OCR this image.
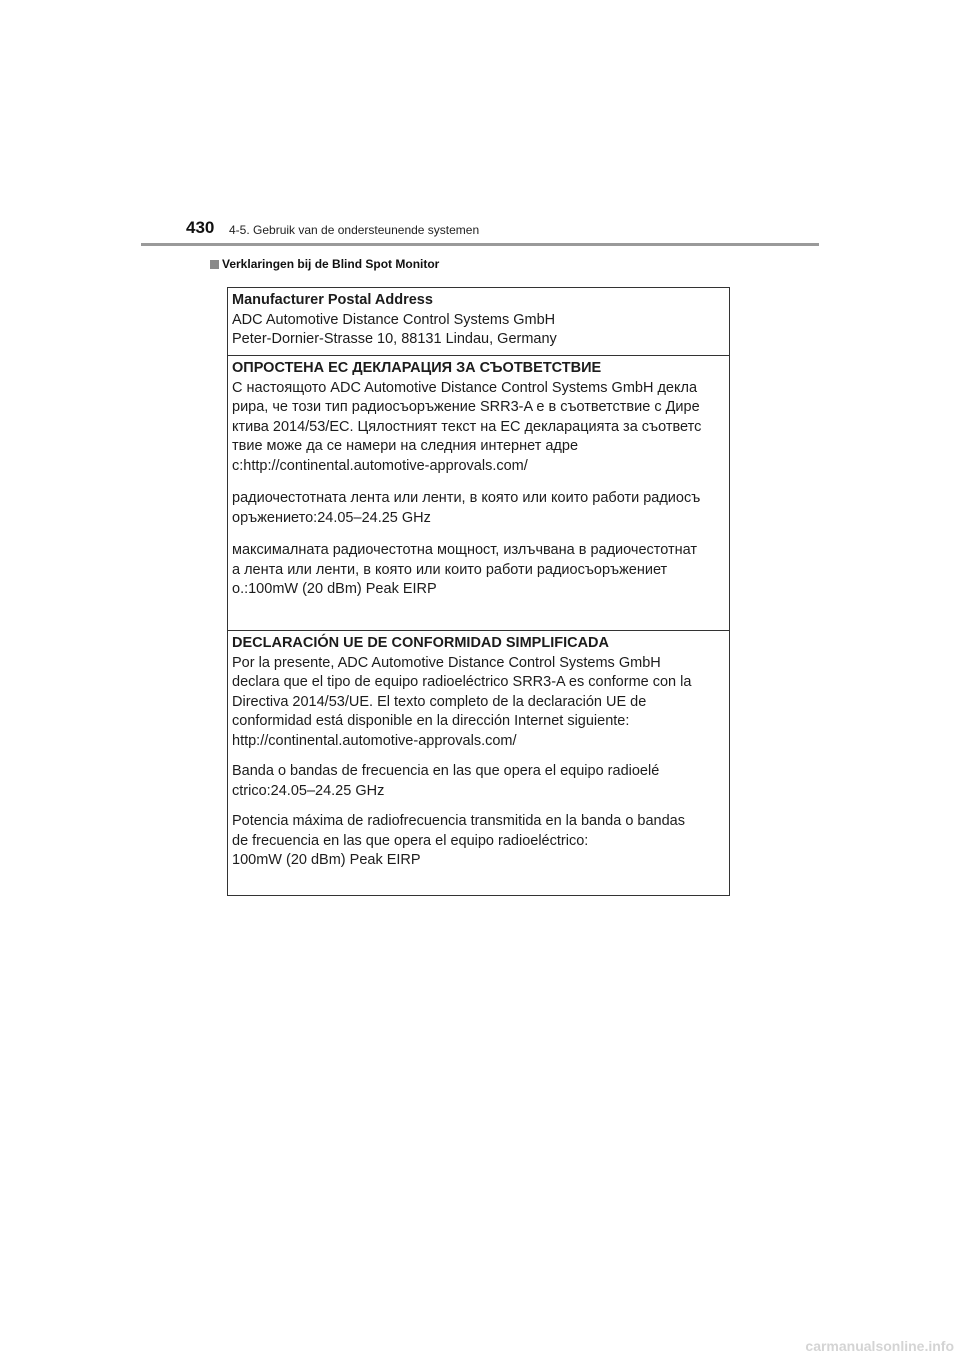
430 4-5. Gebruik van de ondersteunende systemen
Verklaringen bij de Blind Spot Monitor
Manufacturer Postal Address
ADC Automotive Distance Control Systems GmbH
Peter-Dornier-Strasse 10, 88131 Lindau, Germany
ОПРОСТЕНА ЕС ДЕКЛАРАЦИЯ ЗА СЪОТВЕТСТВИЕ
С настоящото ADC Automotive Distance Control Systems GmbH декла
рира, че този тип радиосъоръжение SRR3-A е в съответствие с Дире
ктива 2014/53/ЕС. Цялостният текст на ЕС декларацията за съответс
твие може да се намери на следния интернет адре
c:http://continental.automotive-approvals.com/
радиочестотната лента или ленти, в която или които работи радиосъ
оръжението:24.05–24.25 GHz
максималната радиочестотна мощност, излъчвана в радиочестотнат
а лента или ленти, в която или които работи радиосъоръжениет
о.:100mW (20 dBm) Peak EIRP
DECLARACIÓN UE DE CONFORMIDAD SIMPLIFICADA
Por la presente, ADC Automotive Distance Control Systems GmbH
declara que el tipo de equipo radioeléctrico SRR3-A es conforme con la
Directiva 2014/53/UE. El texto completo de la declaración UE de
conformidad está disponible en la dirección Internet siguiente:
http://continental.automotive-approvals.com/
Banda o bandas de frecuencia en las que opera el equipo radioelé
ctrico:24.05–24.25 GHz
Potencia máxima de radiofrecuencia transmitida en la banda o bandas
de frecuencia en las que opera el equipo radioeléctrico:
100mW (20 dBm) Peak EIRP
carmanualsonline.info
